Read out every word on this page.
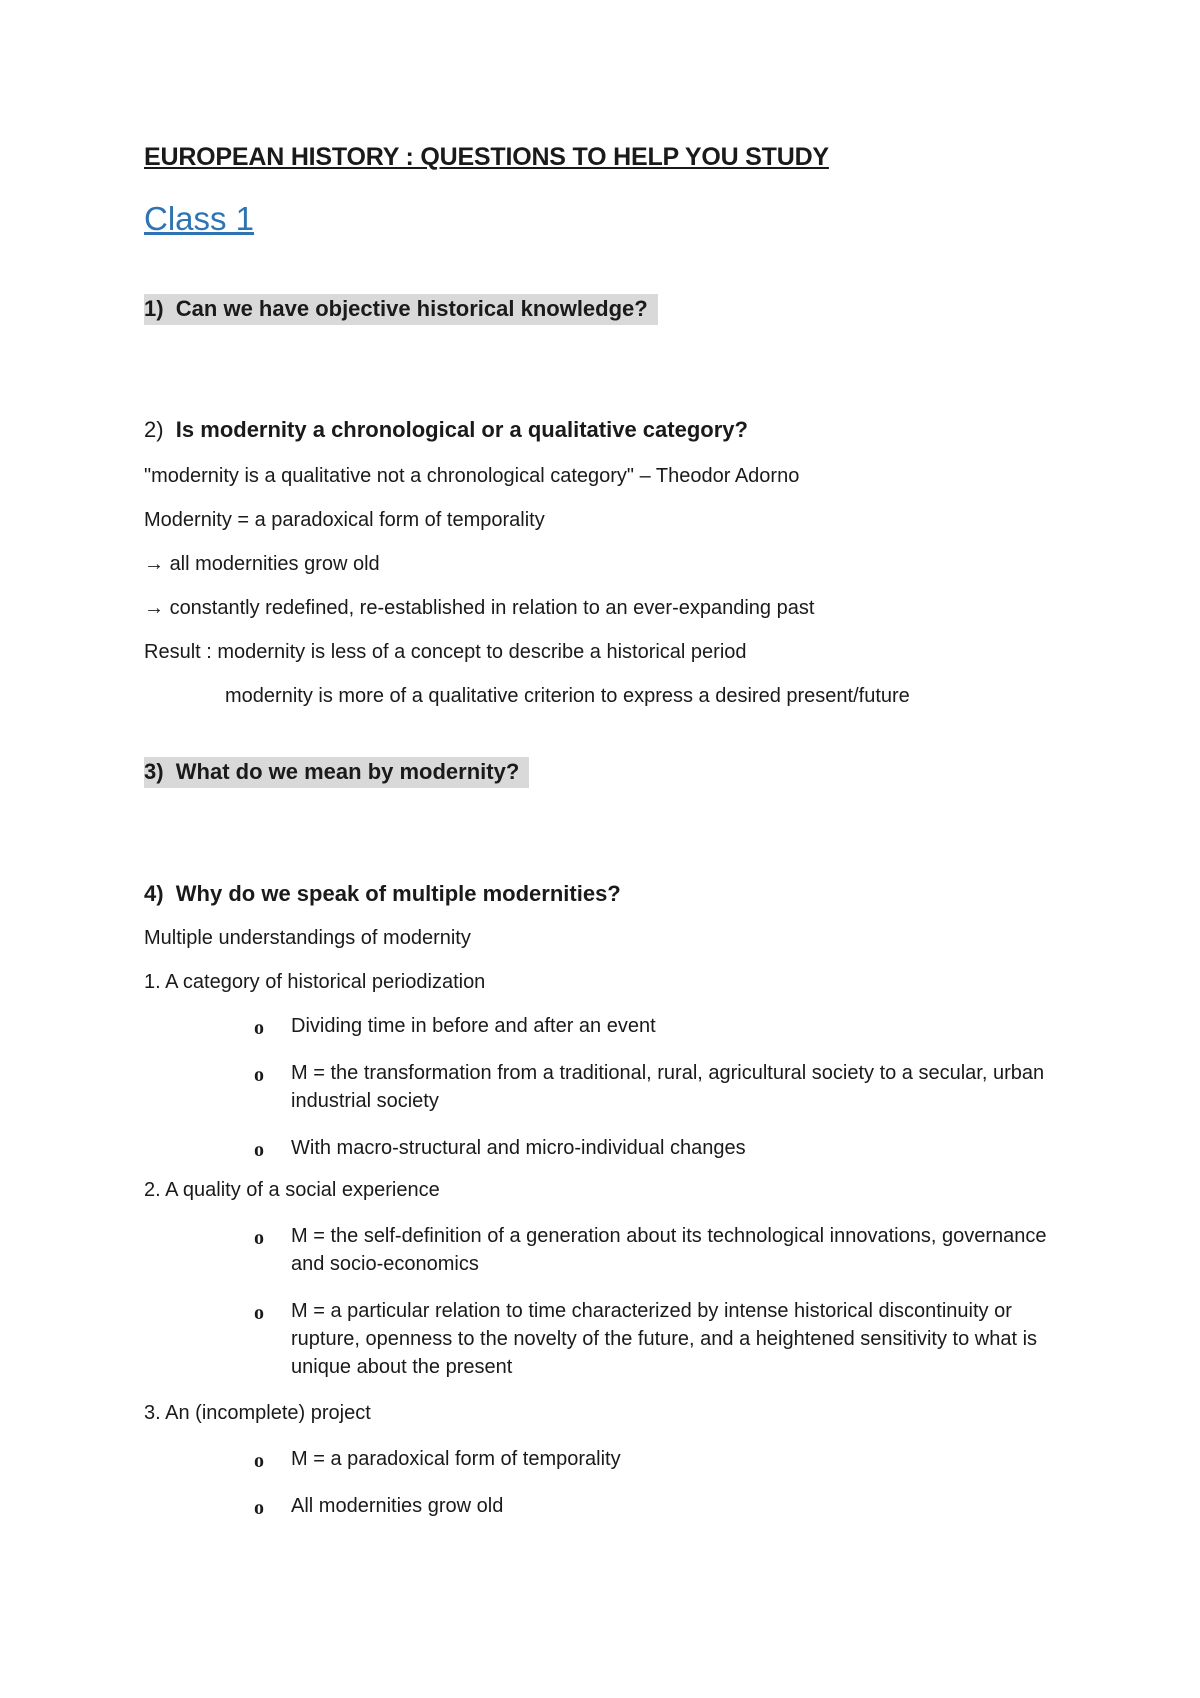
EUROPEAN HISTORY : QUESTIONS TO HELP YOU STUDY
Class 1
1) Can we have objective historical knowledge?
2) Is modernity a chronological or a qualitative category?
"modernity is a qualitative not a chronological category" – Theodor Adorno
Modernity = a paradoxical form of temporality
→ all modernities grow old
→ constantly redefined, re-established in relation to an ever-expanding past
Result : modernity is less of a concept to describe a historical period
modernity is more of a qualitative criterion to express a desired present/future
3) What do we mean by modernity?
4) Why do we speak of multiple modernities?
Multiple understandings of modernity
1. A category of historical periodization
o Dividing time in before and after an event
o M = the transformation from a traditional, rural, agricultural society to a secular, urban industrial society
o With macro-structural and micro-individual changes
2. A quality of a social experience
o M = the self-definition of a generation about its technological innovations, governance and socio-economics
o M = a particular relation to time characterized by intense historical discontinuity or rupture, openness to the novelty of the future, and a heightened sensitivity to what is unique about the present
3. An (incomplete) project
o M = a paradoxical form of temporality
o All modernities grow old
